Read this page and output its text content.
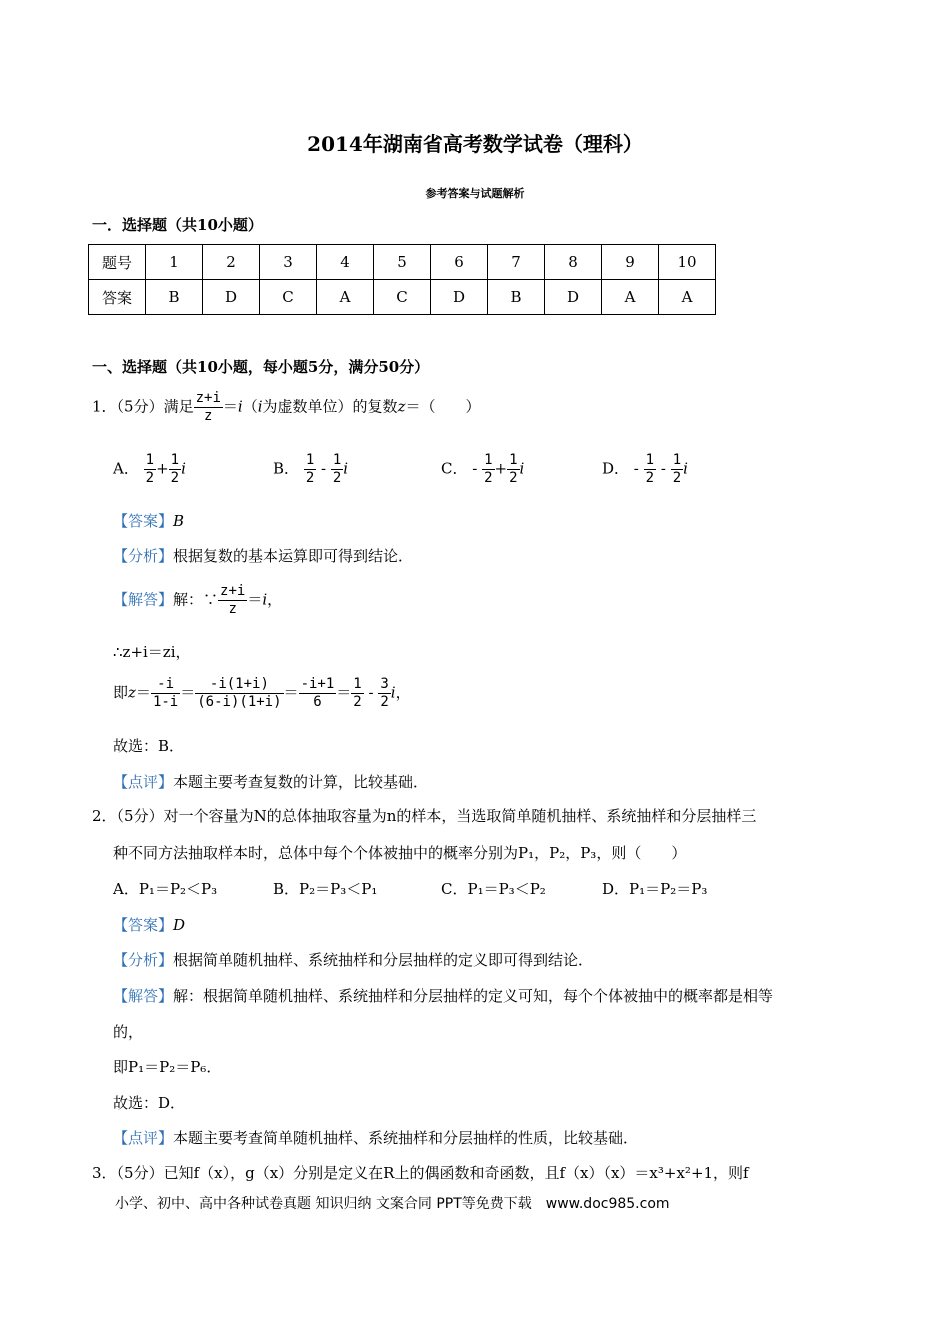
2014年湖南省高考数学试卷（理科）
参考答案与试题解析
一．选择题（共10小题）
题号	1	2	3	4	5	6	7	8	9	10
答案	B	D	C	A	C	D	B	D	A	A
一、选择题（共10小题，每小题5分，满分50分）
1．（5分）满足 $\frac{z+i}{z} =i(i$为虚数单位）的复数z＝（　　）
A． $\frac{1}{2} + \frac{1}{2}$ i	B． $\frac{1}{2} - \frac{1}{2}$ i	C． - $\frac{1}{2} + \frac{1}{2}$ i	D． - $\frac{1}{2} - \frac{1}{2}$ i
【答案】B
【分析】根据复数的基本运算即可得到结论．
【解答】解：∵ $\frac{z+i}{z} =i$，
∴z+i＝zi，
即$z= \frac{-i}{1-i} = \frac{-i(1+i)}{(6-i)(1+i)} = \frac{-i+1}{6} = \frac{1}{2} - \frac{3}{2}$ i，
故选：B．
【点评】本题主要考查复数的计算，比较基础．
2．（5分）对一个容量为N的总体抽取容量为n的样本，当选取简单随机抽样、系统抽样和分层抽样三
种不同方法抽取样本时，总体中每个个体被抽中的概率分别为P₁，P₂，P₃，则（　　）
A．P₁＝P₂＜P₃	B．P₂＝P₃＜P₁	C．P₁＝P₃＜P₂	D．P₁＝P₂＝P₃
【答案】D
【分析】根据简单随机抽样、系统抽样和分层抽样的定义即可得到结论．
【解答】解：根据简单随机抽样、系统抽样和分层抽样的定义可知，每个个体被抽中的概率都是相等
的，
即P₁＝P₂＝P₆．
故选：D．
【点评】本题主要考查简单随机抽样、系统抽样和分层抽样的性质，比较基础．
3．（5分）已知f（x），g（x）分别是定义在R上的偶函数和奇函数，且f（x）（x）＝x³+x²+1，则f
小学、初中、高中各种试卷真题 知识归纳 文案合同 PPT等免费下载　www.doc985.com
